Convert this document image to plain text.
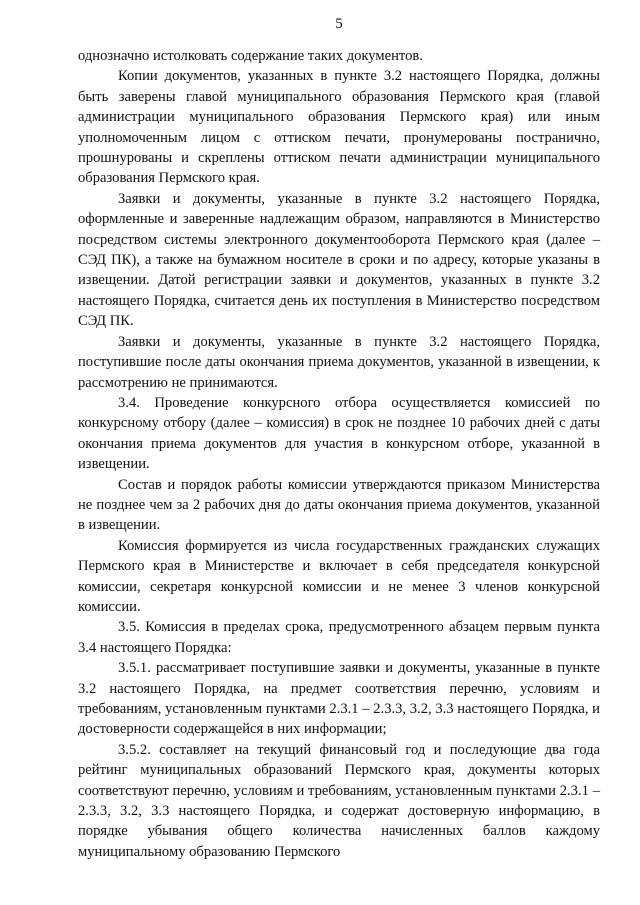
5

однозначно истолковать содержание таких документов.

Копии документов, указанных в пункте 3.2 настоящего Порядка, должны быть заверены главой муниципального образования Пермского края (главой администрации муниципального образования Пермского края) или иным уполномоченным лицом с оттиском печати, пронумерованы постранично, прошнурованы и скреплены оттиском печати администрации муниципального образования Пермского края.

Заявки и документы, указанные в пункте 3.2 настоящего Порядка, оформленные и заверенные надлежащим образом, направляются в Министерство посредством системы электронного документооборота Пермского края (далее – СЭД ПК), а также на бумажном носителе в сроки и по адресу, которые указаны в извещении. Датой регистрации заявки и документов, указанных в пункте 3.2 настоящего Порядка, считается день их поступления в Министерство посредством СЭД ПК.

Заявки и документы, указанные в пункте 3.2 настоящего Порядка, поступившие после даты окончания приема документов, указанной в извещении, к рассмотрению не принимаются.

3.4. Проведение конкурсного отбора осуществляется комиссией по конкурсному отбору (далее – комиссия) в срок не позднее 10 рабочих дней с даты окончания приема документов для участия в конкурсном отборе, указанной в извещении.

Состав и порядок работы комиссии утверждаются приказом Министерства не позднее чем за 2 рабочих дня до даты окончания приема документов, указанной в извещении.

Комиссия формируется из числа государственных гражданских служащих Пермского края в Министерстве и включает в себя председателя конкурсной комиссии, секретаря конкурсной комиссии и не менее 3 членов конкурсной комиссии.

3.5. Комиссия в пределах срока, предусмотренного абзацем первым пункта 3.4 настоящего Порядка:

3.5.1. рассматривает поступившие заявки и документы, указанные в пункте 3.2 настоящего Порядка, на предмет соответствия перечню, условиям и требованиям, установленным пунктами 2.3.1 – 2.3.3, 3.2, 3.3 настоящего Порядка, и достоверности содержащейся в них информации;

3.5.2. составляет на текущий финансовый год и последующие два года рейтинг муниципальных образований Пермского края, документы которых соответствуют перечню, условиям и требованиям, установленным пунктами 2.3.1 – 2.3.3, 3.2, 3.3 настоящего Порядка, и содержат достоверную информацию, в порядке убывания общего количества начисленных баллов каждому муниципальному образованию Пермского
